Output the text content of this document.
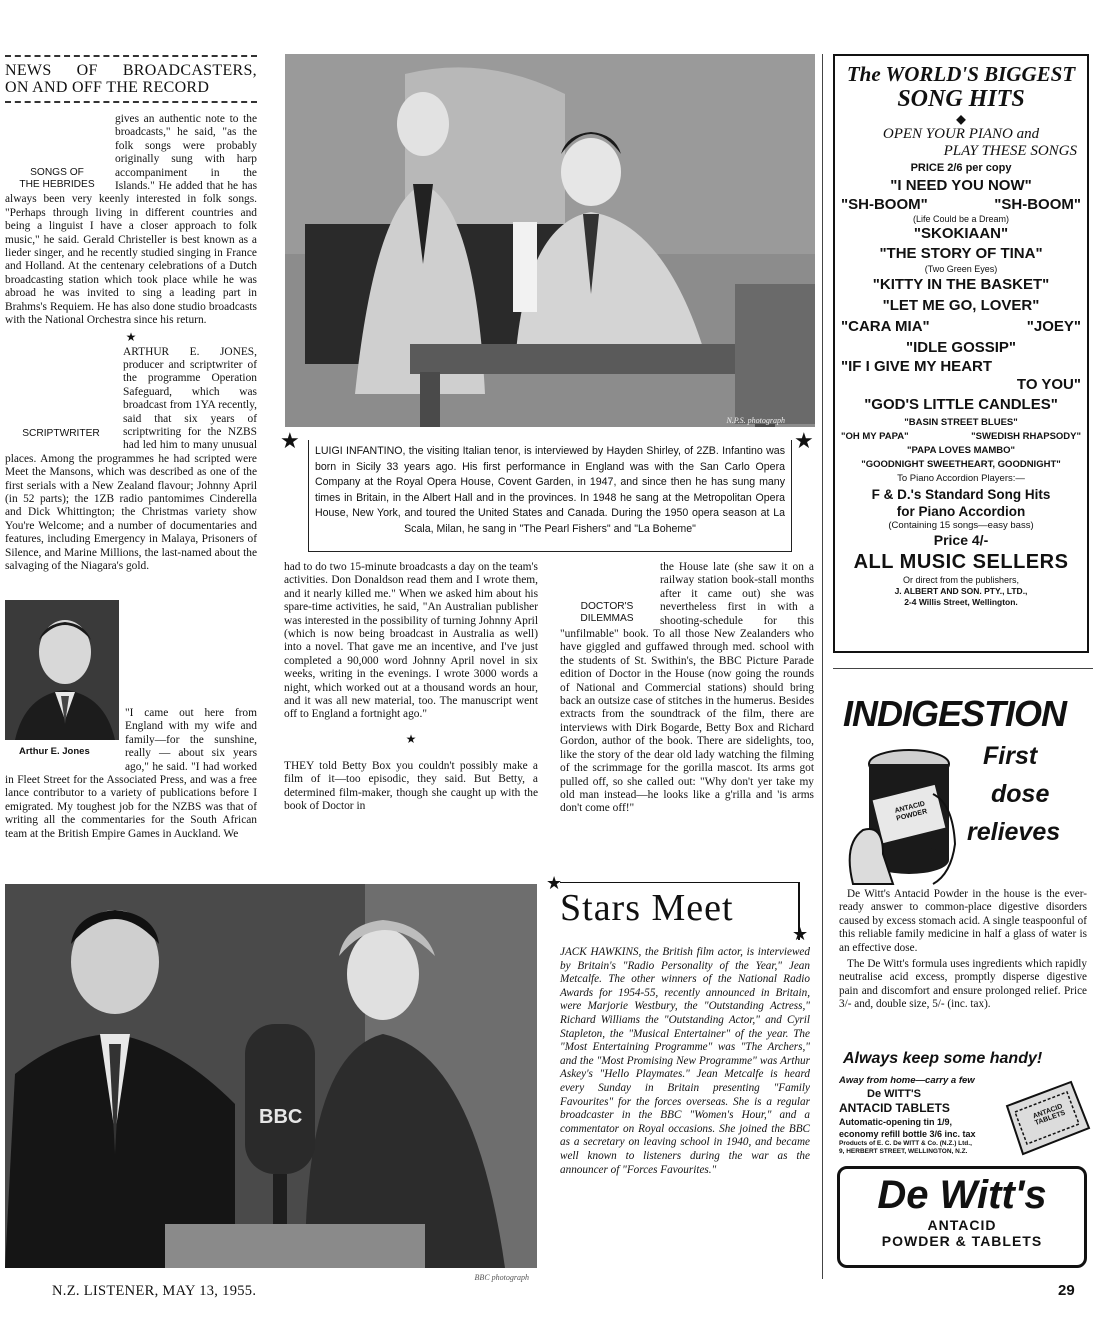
NEWS OF BROADCASTERS,
ON AND OFF THE RECORD
SONGS OF
THE HEBRIDES

gives an authentic note to the broadcasts," he said, "as the folk songs were probably originally sung with harp accompaniment in the Islands." He added that he has always been very keenly interested in folk songs. "Perhaps through living in different countries and being a linguist I have a closer approach to folk music," he said. Gerald Christeller is best known as a lieder singer, and he recently studied singing in France and Holland. At the centenary celebrations of a Dutch broadcasting station which took place while he was abroad he was invited to sing a leading part in Brahms's Requiem. He has also done studio broadcasts with the National Orchestra since his return.

★

SCRIPTWRITER

ARTHUR E. JONES, producer and scriptwriter of the programme Operation Safeguard, which was broadcast from 1YA recently, said that six years of scriptwriting for the NZBS had led him to many unusual places. Among the programmes he had scripted were Meet the Mansons, which was described as one of the first serials with a New Zealand flavour; Johnny April (in 52 parts); the 1ZB radio pantomimes Cinderella and Dick Whittington; the Christmas variety show You're Welcome; and a number of documentaries and features, including Emergency in Malaya, Prisoners of Silence, and Marine Millions, the last-named about the salvaging of the Niagara's gold.

Arthur E. Jones

"I came out here from England with my wife and family—for the sunshine, really — about six years ago," he said. "I had worked in Fleet Street for the Associated Press, and was a free lance contributor to a variety of publications before I emigrated. My toughest job for the NZBS was that of writing all the commentaries for the South African team at the British Empire Games in Auckland. We

N.P.S. photograph
★	★
LUIGI INFANTINO, the visiting Italian tenor, is interviewed by Hayden Shirley, of 2ZB. Infantino was born in Sicily 33 years ago. His first performance in England was with the San Carlo Opera Company at the Royal Opera House, Covent Garden, in 1947, and since then he has sung many times in Britain, in the Albert Hall and in the provinces. In 1948 he sang at the Metropolitan Opera House, New York, and toured the United States and Canada. During the 1950 opera season at La Scala, Milan, he sang in "The Pearl Fishers" and "La Boheme"

had to do two 15-minute broadcasts a day on the team's activities. Don Donaldson read them and I wrote them, and it nearly killed me." When we asked him about his spare-time activities, he said, "An Australian publisher was interested in the possibility of turning Johnny April (which is now being broadcast in Australia as well) into a novel. That gave me an incentive, and I've just completed a 90,000 word Johnny April novel in six weeks, writing in the evenings. I wrote 3000 words a night, which worked out at a thousand words an hour, and it was all new material, too. The manuscript went off to England a fortnight ago."

★

THEY told Betty Box you couldn't possibly make a film of it—too episodic, they said. But Betty, a determined film-maker, though she caught up with the book of Doctor in

DOCTOR'S
DILEMMAS

the House late (she saw it on a railway station book-stall months after it came out) she was nevertheless first in with a shooting-schedule for this "unfilmable" book. To all those New Zealanders who have giggled and guffawed through med. school with the students of St. Swithin's, the BBC Picture Parade edition of Doctor in the House (now going the rounds of National and Commercial stations) should bring back an outsize case of stitches in the humerus. Besides extracts from the soundtrack of the film, there are interviews with Dirk Bogarde, Betty Box and Richard Gordon, author of the book. There are sidelights, too, like the story of the dear old lady watching the filming of the scrimmage for the gorilla mascot. Its arms got pulled off, so she called out: "Why don't yer take my old man instead—he looks like a g'rilla and 'is arms don't come off!"

BBC
BBC photograph
★
Stars Meet
★

JACK HAWKINS, the British film actor, is interviewed by Britain's "Radio Personality of the Year," Jean Metcalfe. The other winners of the National Radio Awards for 1954-55, recently announced in Britain, were Marjorie Westbury, the "Outstanding Actress," Richard Williams the "Outstanding Actor," and Cyril Stapleton, the "Musical Entertainer" of the year. The "Most Entertaining Programme" was "The Archers," and the "Most Promising New Programme" was Arthur Askey's "Hello Playmates." Jean Metcalfe is heard every Sunday in Britain presenting "Family Favourites" for the forces overseas. She is a regular broadcaster in the BBC "Women's Hour," and a commentator on Royal occasions. She joined the BBC as a secretary on leaving school in 1940, and became well known to listeners during the war as the announcer of "Forces Favourites."

The WORLD'S BIGGEST
SONG HITS
◆
OPEN YOUR PIANO and
PLAY THESE SONGS
PRICE 2/6 per copy
"I NEED YOU NOW"
"SH-BOOM"	"SH-BOOM"
(Life Could be a Dream)
"SKOKIAAN"
"THE STORY OF TINA"
(Two Green Eyes)
"KITTY IN THE BASKET"
"LET ME GO, LOVER"
"CARA MIA"	"JOEY"
"IDLE GOSSIP"
"IF I GIVE MY HEART
TO YOU"
"GOD'S LITTLE CANDLES"
"BASIN STREET BLUES"
"OH MY PAPA"	"SWEDISH RHAPSODY"
"PAPA LOVES MAMBO"
"GOODNIGHT SWEETHEART, GOODNIGHT"
To Piano Accordion Players:—
F & D.'s Standard Song Hits
for Piano Accordion
(Containing 15 songs—easy bass)
Price 4/-
ALL MUSIC SELLERS
Or direct from the publishers,
J. ALBERT AND SON. PTY., LTD.,
2-4 Willis Street, Wellington.
INDIGESTION
ANTACID POWDER
First
dose
relieves

De Witt's Antacid Powder in the house is the ever-ready answer to common-place digestive disorders caused by excess stomach acid. A single teaspoonful of this reliable family medicine in half a glass of water is an effective dose.

The De Witt's formula uses ingredients which rapidly neutralise acid excess, promptly disperse digestive pain and discomfort and ensure prolonged relief. Price 3/- and, double size, 5/- (inc. tax).

Always keep some handy!
Away from home—carry a few
De WITT'S
ANTACID TABLETS
Automatic-opening tin 1/9,
economy refill bottle 3/6 inc. tax
Products of E. C. De WITT & Co. (N.Z.) Ltd.,
9, HERBERT STREET, WELLINGTON, N.Z.
ANTACID TABLETS
De Witt's
ANTACID
POWDER & TABLETS
N.Z. LISTENER, MAY 13, 1955.	29
